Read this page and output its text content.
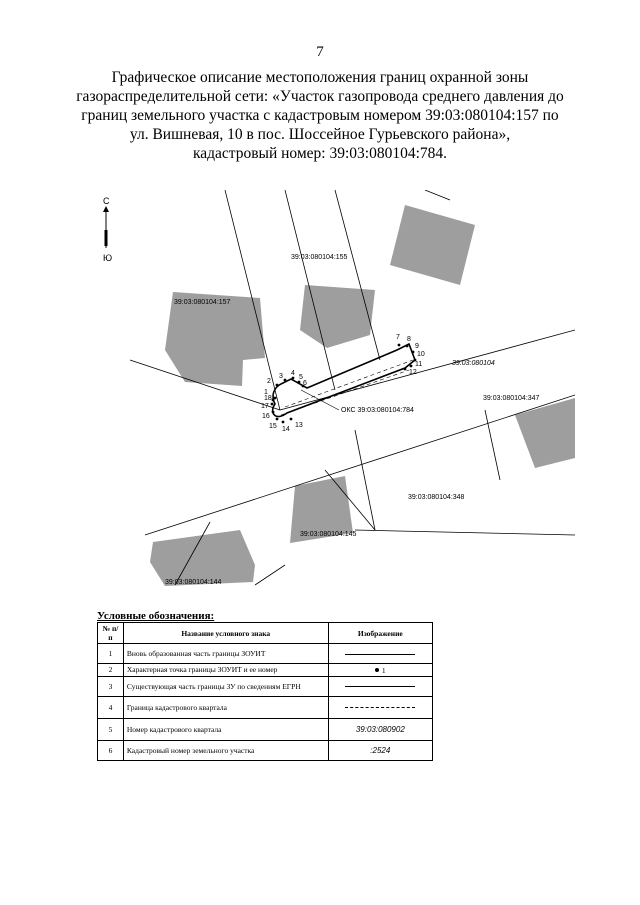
7
Графическое описание местоположения границ охранной зоны
газораспределительной сети: «Участок газопровода среднего давления до
границ земельного участка с кадастровым номером 39:03:080104:157 по
ул. Вишневая, 10 в пос. Шоссейное Гурьевского района»,
кадастровый номер: 39:03:080104:784.
С
Ю
1
2
3 4
5
6
7 8
9
10
11
12
13
14
15
16
17
18
39:03:080104:155
39:03:080104:157
39:03:080104
39:03:080104:347
ОКС 39:03:080104:784
39:03:080104:348
39:03:080104:145
39:03:080104:144
Условные обозначения:
№ п/ п	Название условного знака	Изображение
1	Вновь образованная часть границы ЗОУИТ	
2	Характерная точка границы ЗОУИТ и ее номер	1

3	Существующая часть границы ЗУ по сведениям ЕГРН	
4	Граница кадастрового квартала	
5	Номер кадастрового квартала	39:03:080902
6	Кадастровый номер земельного участка	:2524
